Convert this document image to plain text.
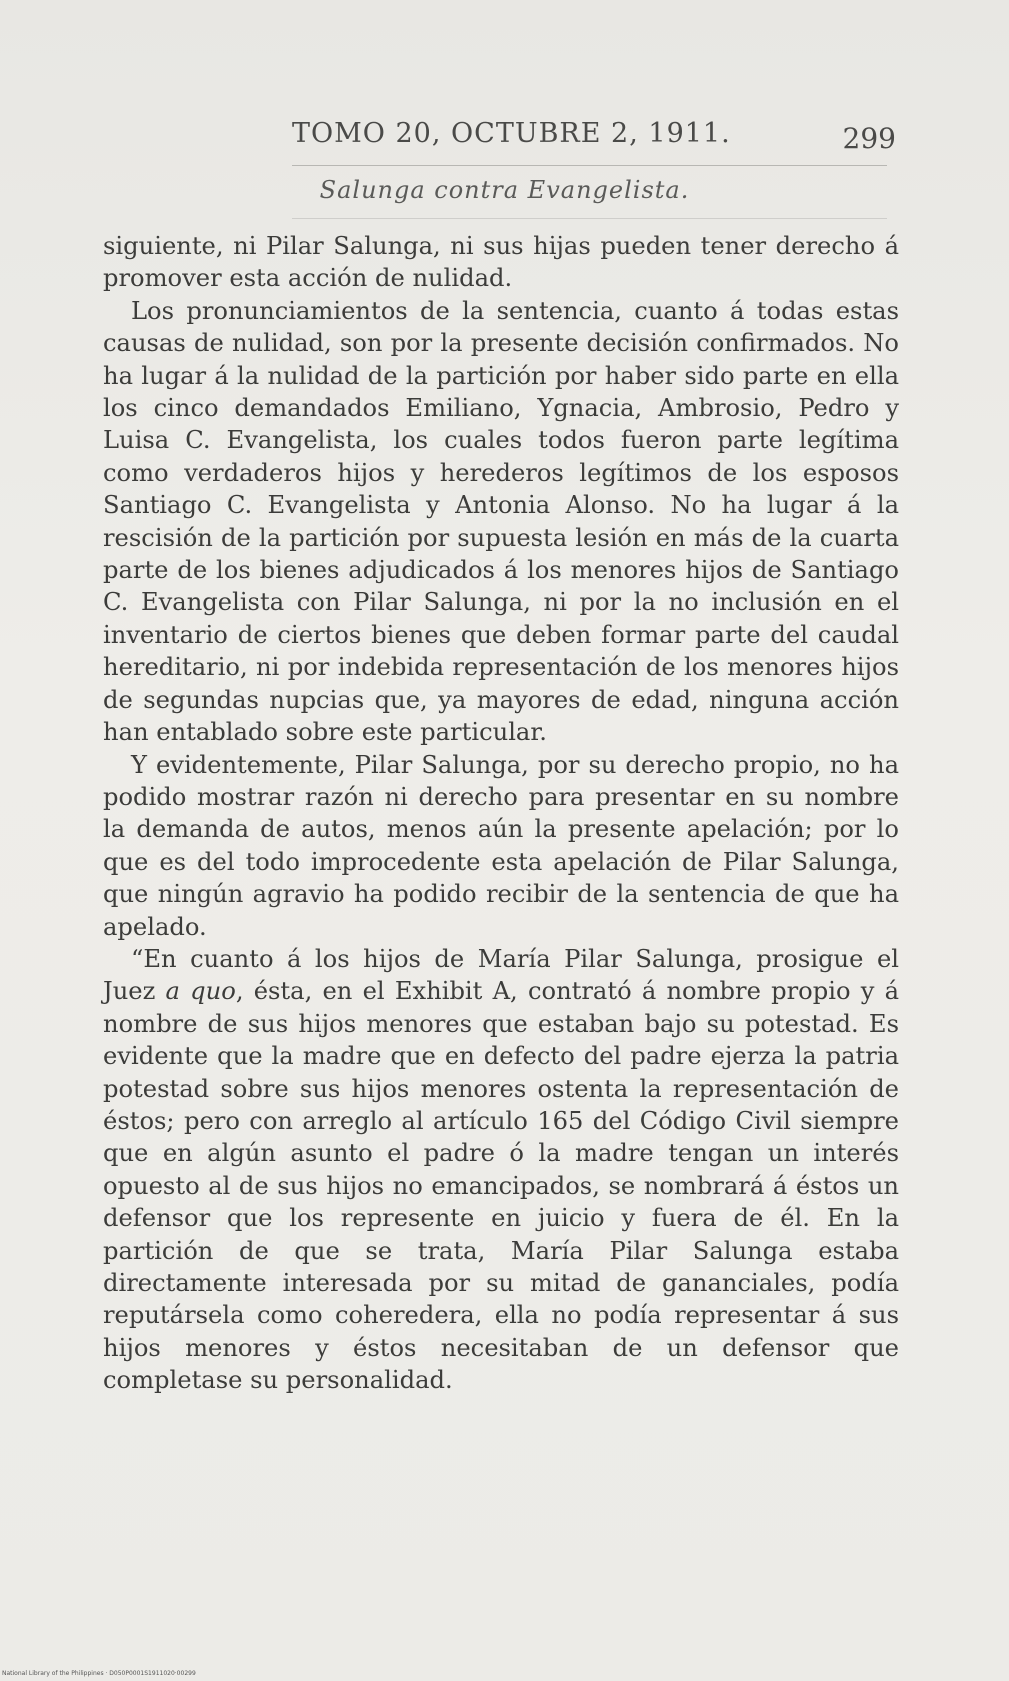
TOMO 20, OCTUBRE 2, 1911.	299
Salunga contra Evangelista.

siguiente, ni Pilar Salunga, ni sus hijas pueden tener derecho á promover esta acción de nulidad.

Los pronunciamientos de la sentencia, cuanto á todas estas causas de nulidad, son por la presente decisión confirmados. No ha lugar á la nulidad de la partición por haber sido parte en ella los cinco demandados Emiliano, Ygnacia, Ambrosio, Pedro y Luisa C. Evangelista, los cuales todos fueron parte legítima como verdaderos hijos y herederos legítimos de los esposos Santiago C. Evangelista y Antonia Alonso. No ha lugar á la rescisión de la partición por supuesta lesión en más de la cuarta parte de los bienes adjudicados á los menores hijos de Santiago C. Evangelista con Pilar Salunga, ni por la no inclusión en el inventario de ciertos bienes que deben formar parte del caudal hereditario, ni por indebida representación de los menores hijos de segundas nupcias que, ya mayores de edad, ninguna acción han entablado sobre este particular.

Y evidentemente, Pilar Salunga, por su derecho propio, no ha podido mostrar razón ni derecho para presentar en su nombre la demanda de autos, menos aún la presente apelación; por lo que es del todo improcedente esta apelación de Pilar Salunga, que ningún agravio ha podido recibir de la sentencia de que ha apelado.

“En cuanto á los hijos de María Pilar Salunga, prosigue el Juez a quo, ésta, en el Exhibit A, contrató á nombre propio y á nombre de sus hijos menores que estaban bajo su potestad. Es evidente que la madre que en defecto del padre ejerza la patria potestad sobre sus hijos menores ostenta la representación de éstos; pero con arreglo al artículo 165 del Código Civil siempre que en algún asunto el padre ó la madre tengan un interés opuesto al de sus hijos no emancipados, se nombrará á éstos un defensor que los represente en juicio y fuera de él. En la partición de que se trata, María Pilar Salunga estaba directamente interesada por su mitad de gananciales, podía reputársela como coheredera, ella no podía representar á sus hijos menores y éstos necesitaban de un defensor que completase su personalidad.

National Library of the Philippines · D050P0001S1911020·00299
